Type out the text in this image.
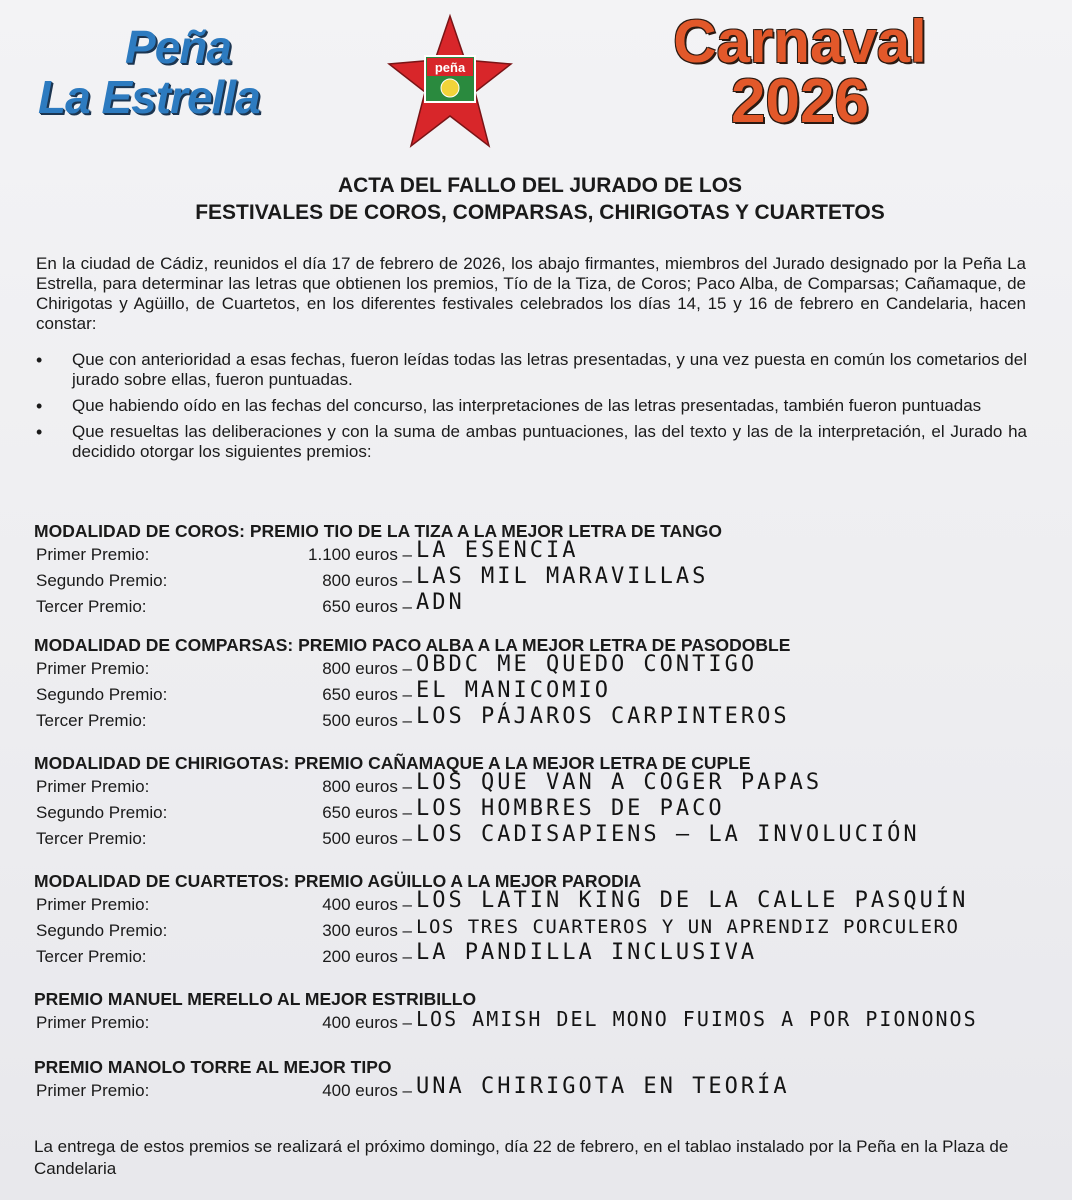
Peña
La Estrella
peña	Carnaval
2026
ACTA DEL FALLO DEL JURADO DE LOS
FESTIVALES DE COROS, COMPARSAS, CHIRIGOTAS Y CUARTETOS
En la ciudad de Cádiz, reunidos el día 17 de febrero de 2026, los abajo firmantes, miembros del Jurado designado por la Peña La Estrella, para determinar las letras que obtienen los premios, Tío de la Tiza, de Coros; Paco Alba, de Comparsas; Cañamaque, de Chirigotas y Agüillo, de Cuartetos, en los diferentes festivales celebrados los días 14, 15 y 16 de febrero en Candelaria, hacen constar:
• Que con anterioridad a esas fechas, fueron leídas todas las letras presentadas, y una vez puesta en común los cometarios del jurado sobre ellas, fueron puntuadas.
• Que habiendo oído en las fechas del concurso, las interpretaciones de las letras presentadas, también fueron puntuadas
• Que resueltas las deliberaciones y con la suma de ambas puntuaciones, las del texto y las de la interpretación, el Jurado ha decidido otorgar los siguientes premios:
MODALIDAD DE COROS: PREMIO TIO DE LA TIZA A LA MEJOR LETRA DE TANGO
Primer Premio:	1.100 euros – LA ESENCIA
Segundo Premio:	800 euros – LAS MIL MARAVILLAS
Tercer Premio:	650 euros – ADN
MODALIDAD DE COMPARSAS: PREMIO PACO ALBA A LA MEJOR LETRA DE PASODOBLE
Primer Premio:	800 euros – OBDC ME QUEDO CONTIGO
Segundo Premio:	650 euros – EL MANICOMIO
Tercer Premio:	500 euros – LOS PÁJAROS CARPINTEROS
MODALIDAD DE CHIRIGOTAS: PREMIO CAÑAMAQUE A LA MEJOR LETRA DE CUPLE
Primer Premio:	800 euros – LOS QUE VAN A COGER PAPAS
Segundo Premio:	650 euros – LOS HOMBRES DE PACO
Tercer Premio:	500 euros – LOS CADISAPIENS – LA INVOLUCIÓN
MODALIDAD DE CUARTETOS: PREMIO AGÜILLO A LA MEJOR PARODIA
Primer Premio:	400 euros – LOS LATIN KING DE LA CALLE PASQUÍN
Segundo Premio:	300 euros – LOS TRES CUARTEROS Y UN APRENDIZ PORCULERO
Tercer Premio:	200 euros – LA PANDILLA INCLUSIVA
PREMIO MANUEL MERELLO AL MEJOR ESTRIBILLO
Primer Premio:	400 euros – LOS AMISH DEL MONO FUIMOS A POR PIONONOS
PREMIO MANOLO TORRE AL MEJOR TIPO
Primer Premio:	400 euros – UNA CHIRIGOTA EN TEORÍA
La entrega de estos premios se realizará el próximo domingo, día 22 de febrero, en el tablao instalado por la Peña en la Plaza de Candelaria
